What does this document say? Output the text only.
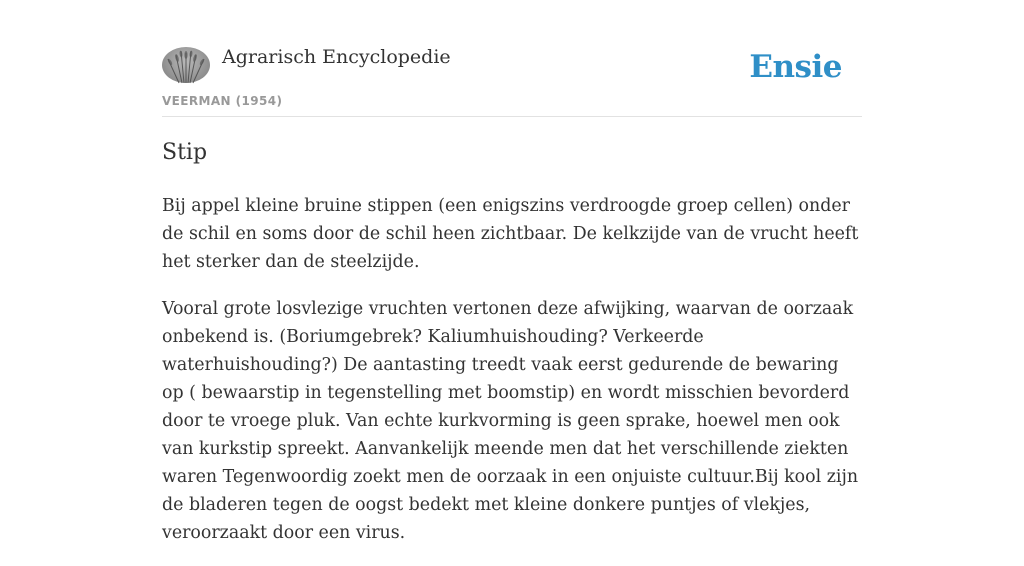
Agrarisch Encyclopedie
VEERMAN (1954)
Ensie
Stip

Bij appel kleine bruine stippen (een enigszins verdroogde groep cellen) onder de schil en soms door de schil heen zichtbaar. De kelkzijde van de vrucht heeft het sterker dan de steelzijde.

Vooral grote losvlezige vruchten vertonen deze afwijking, waarvan de oorzaak onbekend is. (Boriumgebrek? Kaliumhuishouding? Verkeerde waterhuishouding?) De aantasting treedt vaak eerst gedurende de bewaring op ( bewaarstip in tegenstelling met boomstip) en wordt misschien bevorderd door te vroege pluk. Van echte kurkvorming is geen sprake, hoewel men ook van kurkstip spreekt. Aanvankelijk meende men dat het verschillende ziekten waren Tegenwoordig zoekt men de oorzaak in een onjuiste cultuur.Bij kool zijn de bladeren tegen de oogst bedekt met kleine donkere puntjes of vlekjes, veroorzaakt door een virus.
